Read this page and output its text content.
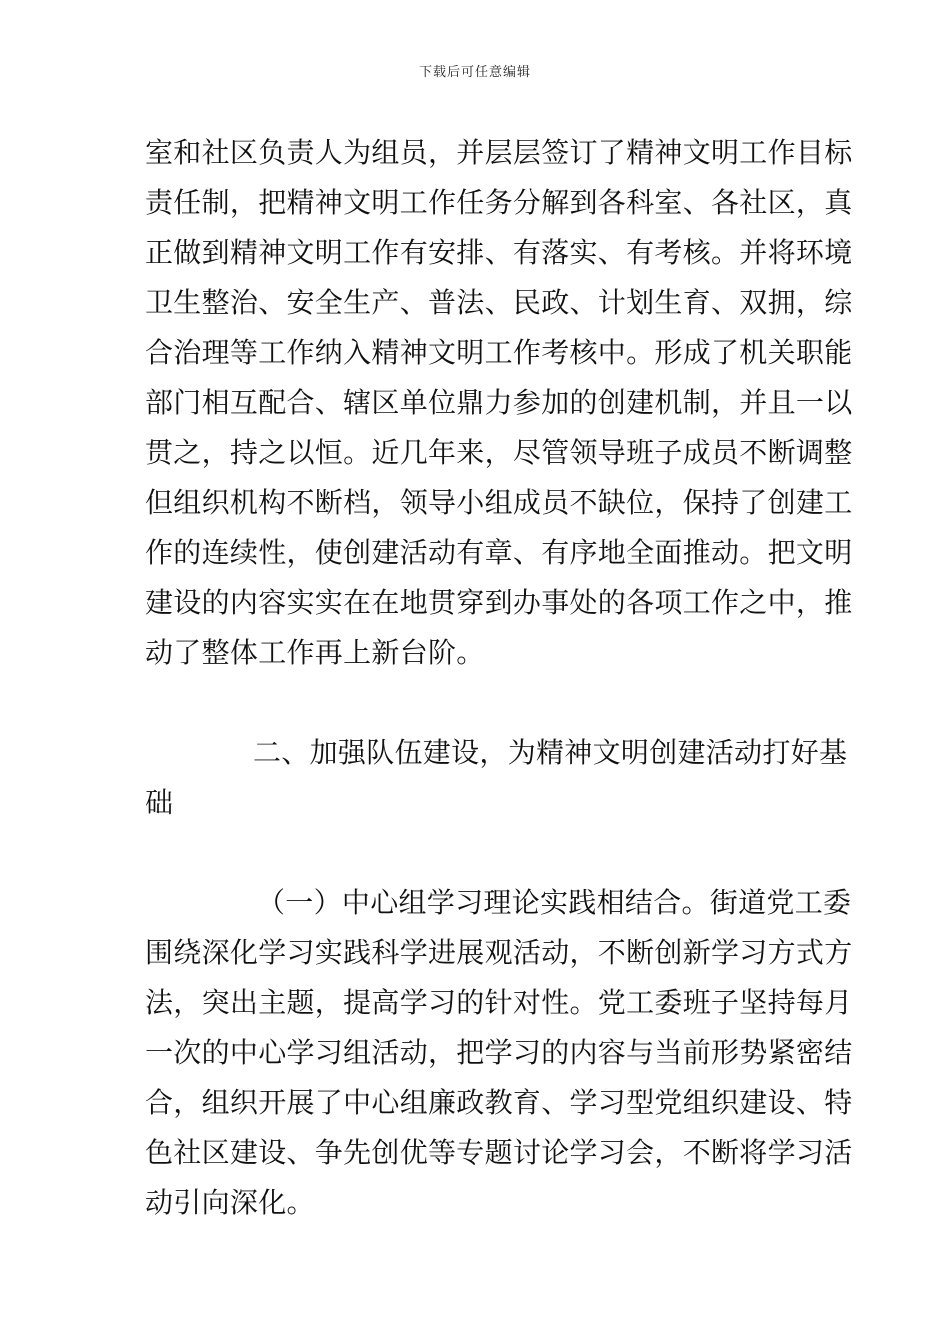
下载后可任意编辑
室和社区负责人为组员，并层层签订了精神文明工作目标
责任制，把精神文明工作任务分解到各科室、各社区，真
正做到精神文明工作有安排、有落实、有考核。并将环境
卫生整治、安全生产、普法、民政、计划生育、双拥，综
合治理等工作纳入精神文明工作考核中。形成了机关职能
部门相互配合、辖区单位鼎力参加的创建机制，并且一以
贯之，持之以恒。近几年来，尽管领导班子成员不断调整
但组织机构不断档，领导小组成员不缺位，保持了创建工
作的连续性，使创建活动有章、有序地全面推动。把文明
建设的内容实实在在地贯穿到办事处的各项工作之中，推
动了整体工作再上新台阶。
二、加强队伍建设，为精神文明创建活动打好基
础
（一）中心组学习理论实践相结合。街道党工委
围绕深化学习实践科学进展观活动，不断创新学习方式方
法，突出主题，提高学习的针对性。党工委班子坚持每月
一次的中心学习组活动，把学习的内容与当前形势紧密结
合，组织开展了中心组廉政教育、学习型党组织建设、特
色社区建设、争先创优等专题讨论学习会，不断将学习活
动引向深化。
